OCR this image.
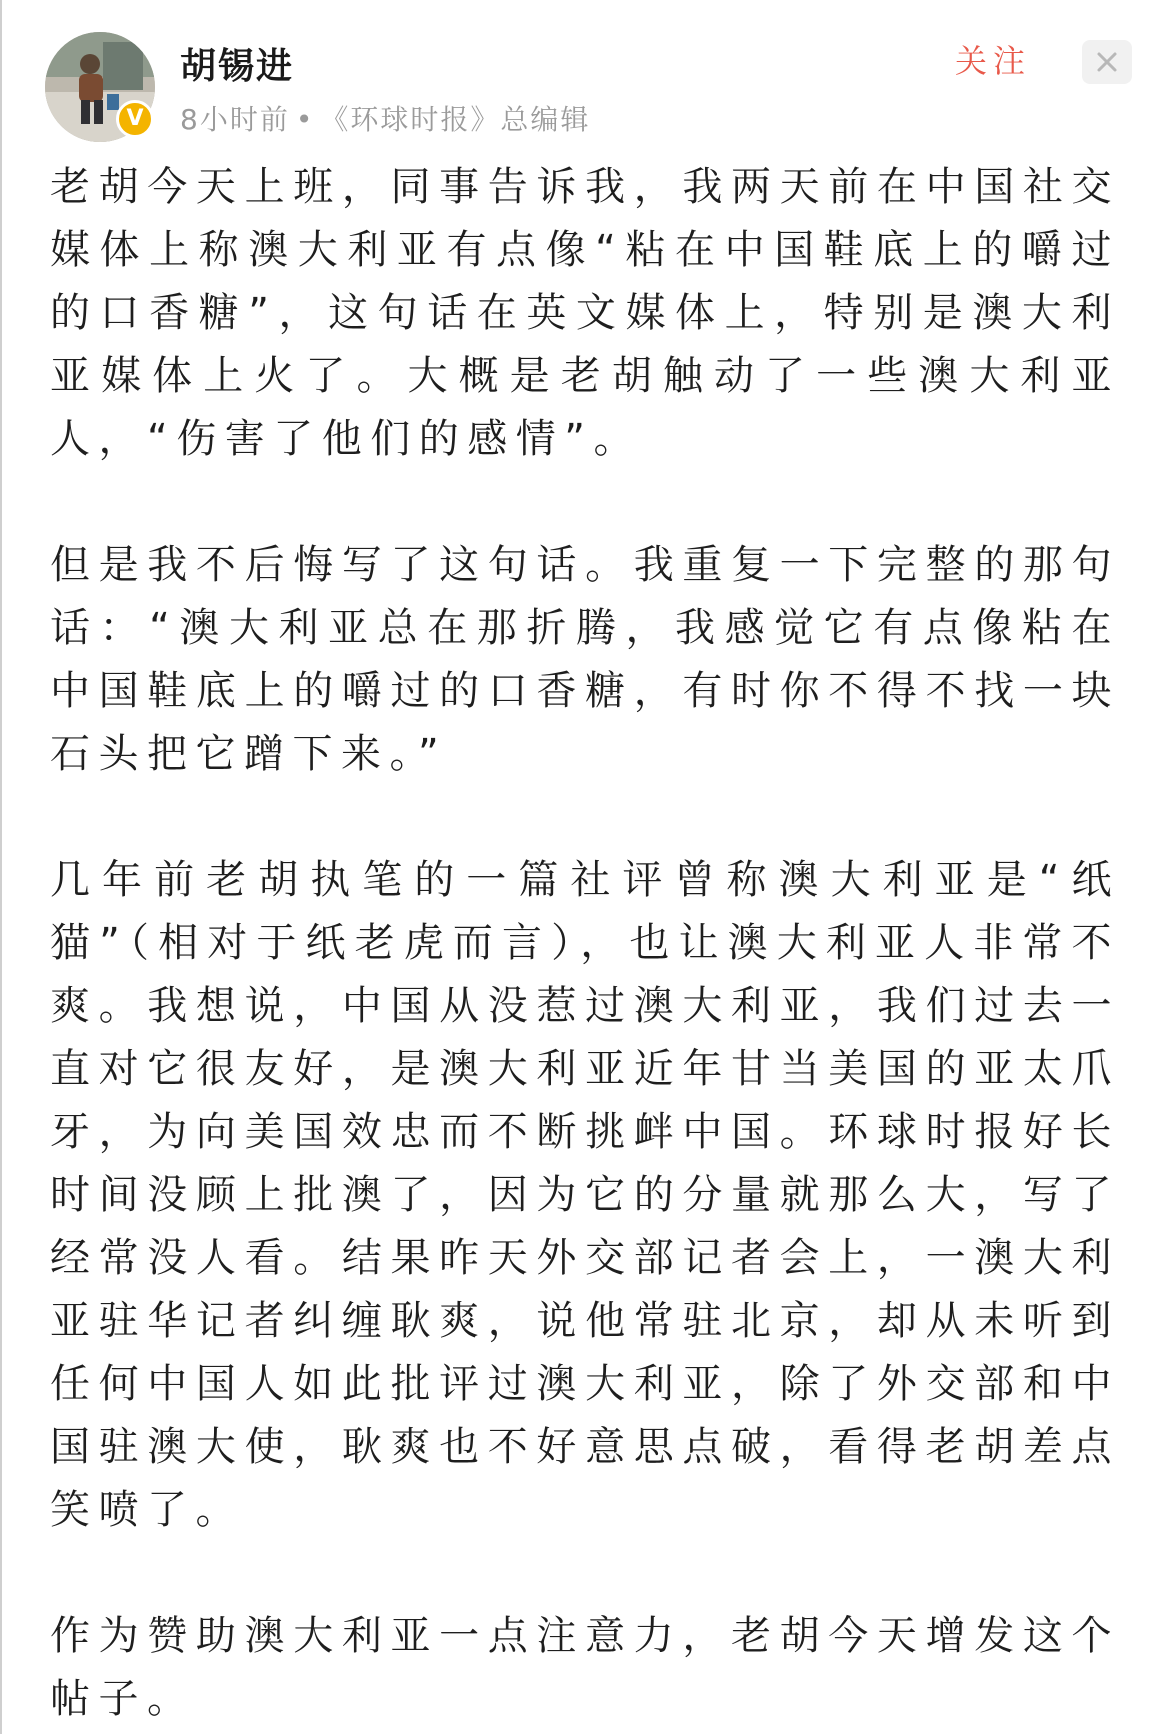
V
胡锡进
8小时前 • 《环球时报》总编辑
关注

老胡今天上班，同事告诉我，我两天前在中国社交媒体上称澳大利亚有点像“粘在中国鞋底上的嚼过的口香糖”，这句话在英文媒体上，特别是澳大利亚媒体上火了。大概是老胡触动了一些澳大利亚人，“伤害了他们的感情”。

但是我不后悔写了这句话。我重复一下完整的那句话：“澳大利亚总在那折腾，我感觉它有点像粘在中国鞋底上的嚼过的口香糖，有时你不得不找一块石头把它蹭下来。”

几年前老胡执笔的一篇社评曾称澳大利亚是“纸猫”（相对于纸老虎而言），也让澳大利亚人非常不爽。我想说，中国从没惹过澳大利亚，我们过去一直对它很友好，是澳大利亚近年甘当美国的亚太爪牙，为向美国效忠而不断挑衅中国。环球时报好长时间没顾上批澳了，因为它的分量就那么大，写了经常没人看。结果昨天外交部记者会上，一澳大利亚驻华记者纠缠耿爽，说他常驻北京，却从未听到任何中国人如此批评过澳大利亚，除了外交部和中国驻澳大使，耿爽也不好意思点破，看得老胡差点笑喷了。

作为赞助澳大利亚一点注意力，老胡今天增发这个帖子。
